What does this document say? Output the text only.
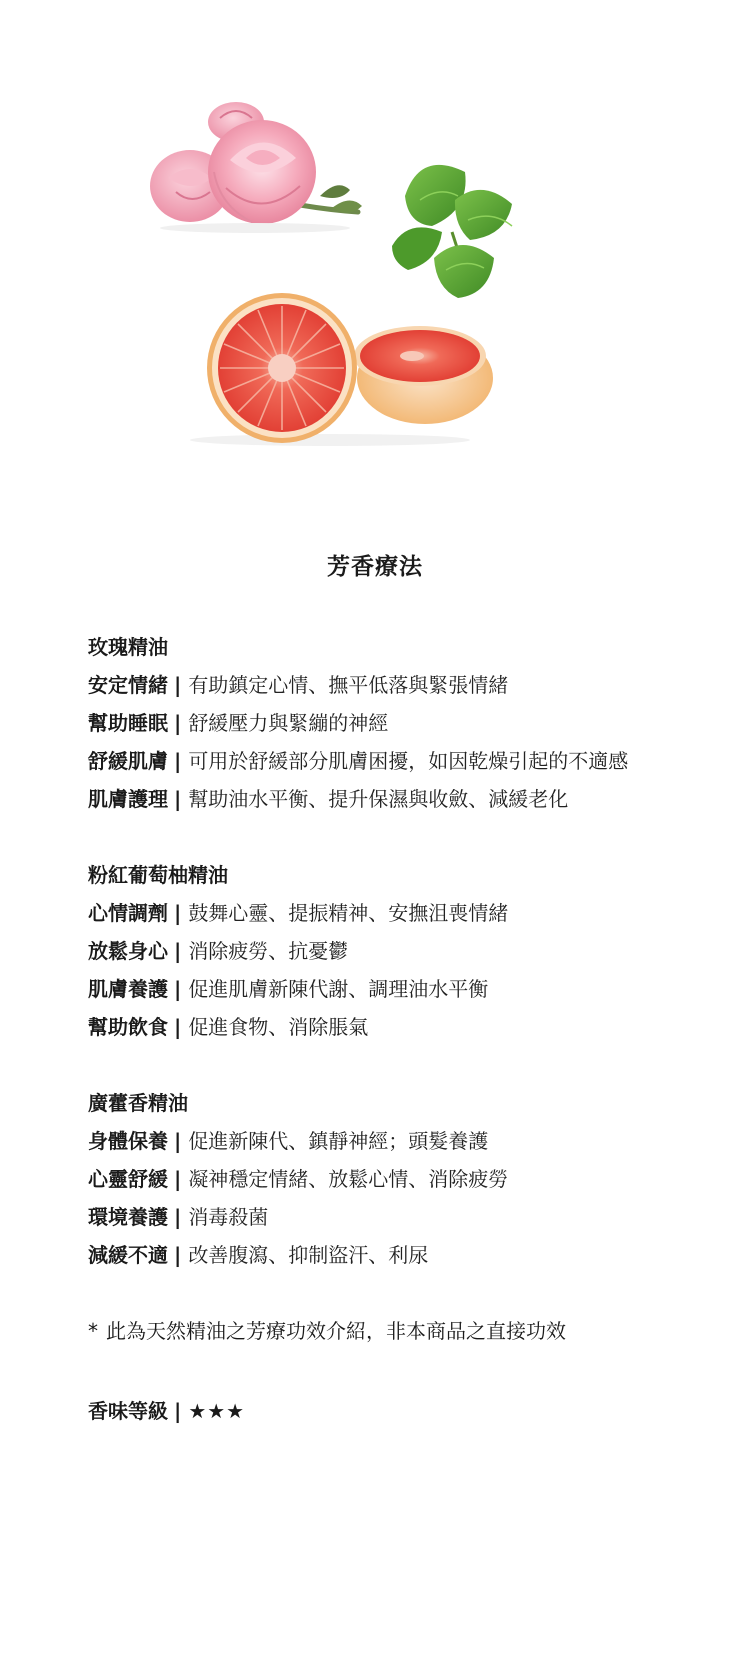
芳香療法
玫瑰精油
安定情緒 | 有助鎮定心情、撫平低落與緊張情緒
幫助睡眠 | 舒緩壓力與緊繃的神經
舒緩肌膚 | 可用於舒緩部分肌膚困擾，如因乾燥引起的不適感
肌膚護理 | 幫助油水平衡、提升保濕與收斂、減緩老化
粉紅葡萄柚精油
心情調劑 | 鼓舞心靈、提振精神、安撫沮喪情緒
放鬆身心 | 消除疲勞、抗憂鬱
肌膚養護 | 促進肌膚新陳代謝、調理油水平衡
幫助飲食 | 促進食物、消除脹氣
廣藿香精油
身體保養 | 促進新陳代、鎮靜神經；頭髮養護
心靈舒緩 | 凝神穩定情緒、放鬆心情、消除疲勞
環境養護 | 消毒殺菌
減緩不適 | 改善腹瀉、抑制盜汗、利尿
* 此為天然精油之芳療功效介紹，非本商品之直接功效
香味等級 | ★★★
